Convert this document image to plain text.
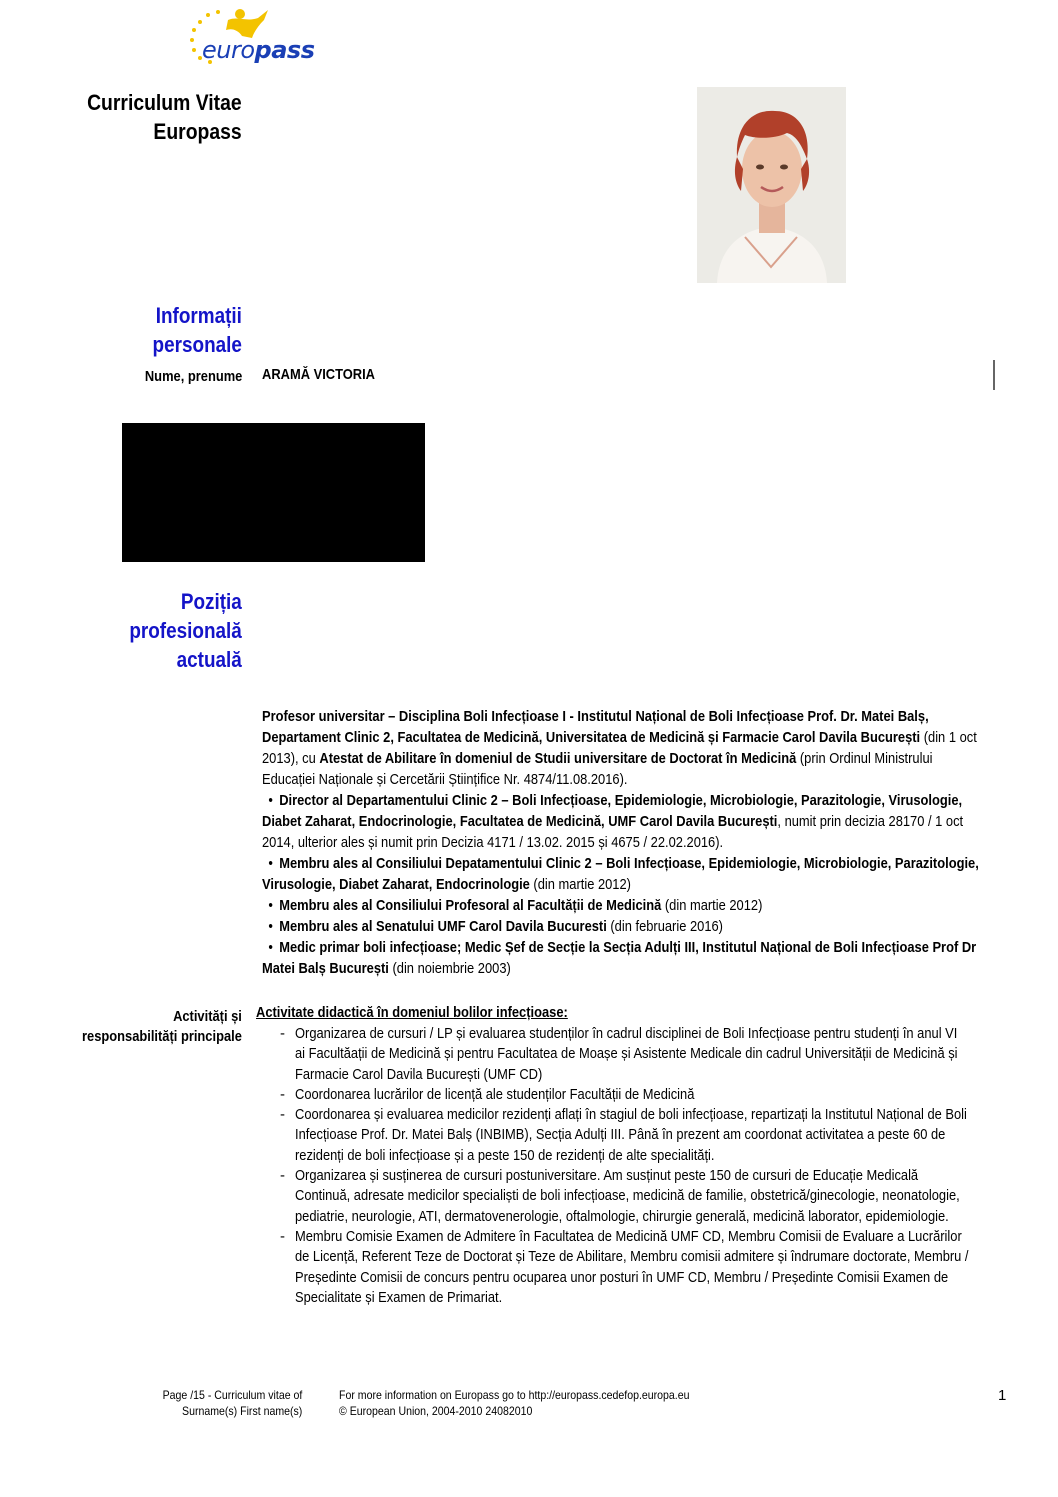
europass
Curriculum Vitae
Europass
Informații
personale
Nume, prenume ARAMĂ VICTORIA
Poziția
profesională
actuală

Profesor universitar – Disciplina Boli Infecțioase I - Institutul Național de Boli Infecțioase Prof. Dr. Matei Balș, Departament Clinic 2, Facultatea de Medicină, Universitatea de Medicină și Farmacie Carol Davila București (din 1 oct 2013), cu Atestat de Abilitare în domeniul de Studii universitare de Doctorat în Medicină (prin Ordinul Ministrului Educației Naționale și Cercetării Științifice Nr. 4874/11.08.2016).

• Director al Departamentului Clinic 2 – Boli Infecțioase, Epidemiologie, Microbiologie, Parazitologie, Virusologie, Diabet Zaharat, Endocrinologie, Facultatea de Medicină, UMF Carol Davila București, numit prin decizia 28170 / 1 oct 2014, ulterior ales și numit prin Decizia 4171 / 13.02. 2015 și 4675 / 22.02.2016).

• Membru ales al Consiliului Depatamentului Clinic 2 – Boli Infecțioase, Epidemiologie, Microbiologie, Parazitologie, Virusologie, Diabet Zaharat, Endocrinologie (din martie 2012)

• Membru ales al Consiliului Profesoral al Facultății de Medicină (din martie 2012)

• Membru ales al Senatului UMF Carol Davila Bucuresti (din februarie 2016)

• Medic primar boli infecțioase; Medic Șef de Secție la Secția Adulți III, Institutul Național de Boli Infecțioase Prof Dr Matei Balș București (din noiembrie 2003)

Activități și
responsabilități principale
Activitate didactică în domeniul bolilor infecțioase:
- Organizarea de cursuri / LP și evaluarea studenților în cadrul disciplinei de Boli Infecțioase pentru studenți în anul VI ai Facultăații de Medicină și pentru Facultatea de Moașe și Asistente Medicale din cadrul Universității de Medicină și Farmacie Carol Davila București (UMF CD)
- Coordonarea lucrărilor de licență ale studenților Facultății de Medicină
- Coordonarea și evaluarea medicilor rezidenți aflați în stagiul de boli infecțioase, repartizați la Institutul Național de Boli Infecțioase Prof. Dr. Matei Balș (INBIMB), Secția Adulți III. Până în prezent am coordonat activitatea a peste 60 de rezidenți de boli infecțioase și a peste 150 de rezidenți de alte specialități.
- Organizarea și susținerea de cursuri postuniversitare. Am susținut peste 150 de cursuri de Educație Medicală Continuă, adresate medicilor specialiști de boli infecțioase, medicină de familie, obstetrică/ginecologie, neonatologie, pediatrie, neurologie, ATI, dermatovenerologie, oftalmologie, chirurgie generală, medicină laborator, epidemiologie.
- Membru Comisie Examen de Admitere în Facultatea de Medicină UMF CD, Membru Comisii de Evaluare a Lucrărilor de Licență, Referent Teze de Doctorat și Teze de Abilitare, Membru comisii admitere și îndrumare doctorate, Membru / Președinte Comisii de concurs pentru ocuparea unor posturi în UMF CD, Membru / Președinte Comisii Examen de Specialitate și Examen de Primariat.
Page /15 - Curriculum vitae of
Surname(s) First name(s)
For more information on Europass go to http://europass.cedefop.europa.eu
© European Union, 2004-2010 24082010
1
